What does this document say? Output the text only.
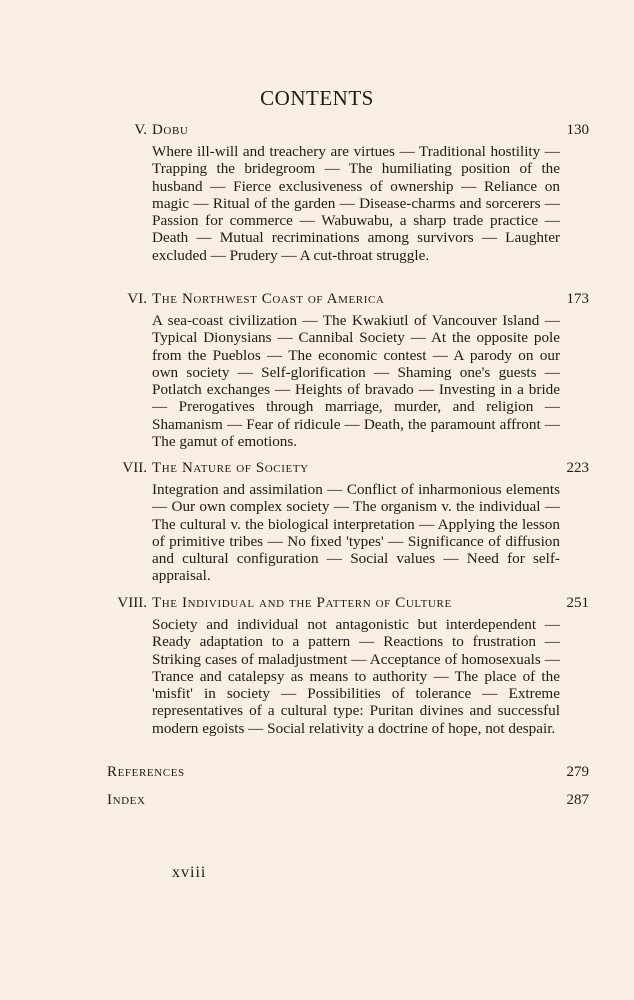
CONTENTS
V. Dobu	130
Where ill-will and treachery are virtues — Traditional hostility — Trapping the bridegroom — The humiliating position of the husband — Fierce exclusiveness of ownership — Reliance on magic — Ritual of the garden — Disease-charms and sorcerers — Passion for commerce — Wabuwabu, a sharp trade practice — Death — Mutual recriminations among survivors — Laughter excluded — Prudery — A cut-throat struggle.
VI. The Northwest Coast of America	173
A sea-coast civilization — The Kwakiutl of Vancouver Island — Typical Dionysians — Cannibal Society — At the opposite pole from the Pueblos — The economic contest — A parody on our own society — Self-glorification — Shaming one's guests — Potlatch exchanges — Heights of bravado — Investing in a bride — Prerogatives through marriage, murder, and religion — Shamanism — Fear of ridicule — Death, the paramount affront — The gamut of emotions.
VII. The Nature of Society	223
Integration and assimilation — Conflict of inharmonious elements — Our own complex society — The organism v. the individual — The cultural v. the biological interpretation — Applying the lesson of primitive tribes — No fixed 'types' — Significance of diffusion and cultural configuration — Social values — Need for self-appraisal.
VIII. The Individual and the Pattern of Culture	251
Society and individual not antagonistic but interdependent — Ready adaptation to a pattern — Reactions to frustration — Striking cases of maladjustment — Acceptance of homosexuals — Trance and catalepsy as means to authority — The place of the 'misfit' in society — Possibilities of tolerance — Extreme representatives of a cultural type: Puritan divines and successful modern egoists — Social relativity a doctrine of hope, not despair.
References	279
Index	287
xviii
